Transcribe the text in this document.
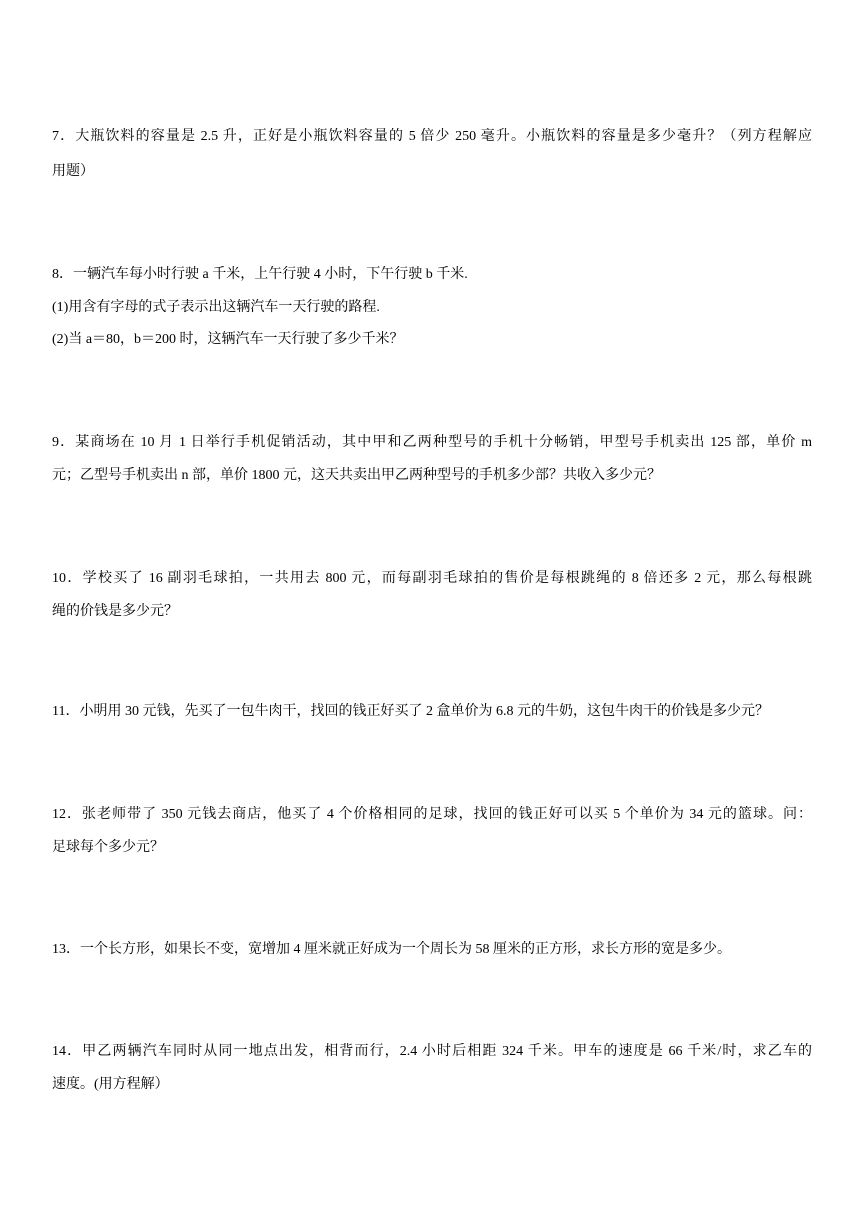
7．大瓶饮料的容量是 2.5 升，正好是小瓶饮料容量的 5 倍少 250 毫升。小瓶饮料的容量是多少毫升？（列方程解应
用题）
8．一辆汽车每小时行驶 a 千米，上午行驶 4 小时，下午行驶 b 千米.
(1)用含有字母的式子表示出这辆汽车一天行驶的路程.
(2)当 a＝80，b＝200 时，这辆汽车一天行驶了多少千米？
9．某商场在 10 月 1 日举行手机促销活动，其中甲和乙两种型号的手机十分畅销，甲型号手机卖出 125 部，单价 m
元；乙型号手机卖出 n 部，单价 1800 元，这天共卖出甲乙两种型号的手机多少部？共收入多少元？
10．学校买了 16 副羽毛球拍，一共用去 800 元，而每副羽毛球拍的售价是每根跳绳的 8 倍还多 2 元，那么每根跳
绳的价钱是多少元？
11．小明用 30 元钱，先买了一包牛肉干，找回的钱正好买了 2 盒单价为 6.8 元的牛奶，这包牛肉干的价钱是多少元？
12．张老师带了 350 元钱去商店，他买了 4 个价格相同的足球，找回的钱正好可以买 5 个单价为 34 元的篮球。问：
足球每个多少元？
13．一个长方形，如果长不变，宽增加 4 厘米就正好成为一个周长为 58 厘米的正方形，求长方形的宽是多少。
14．甲乙两辆汽车同时从同一地点出发，相背而行，2.4 小时后相距 324 千米。甲车的速度是 66 千米/时，求乙车的
速度。(用方程解）
